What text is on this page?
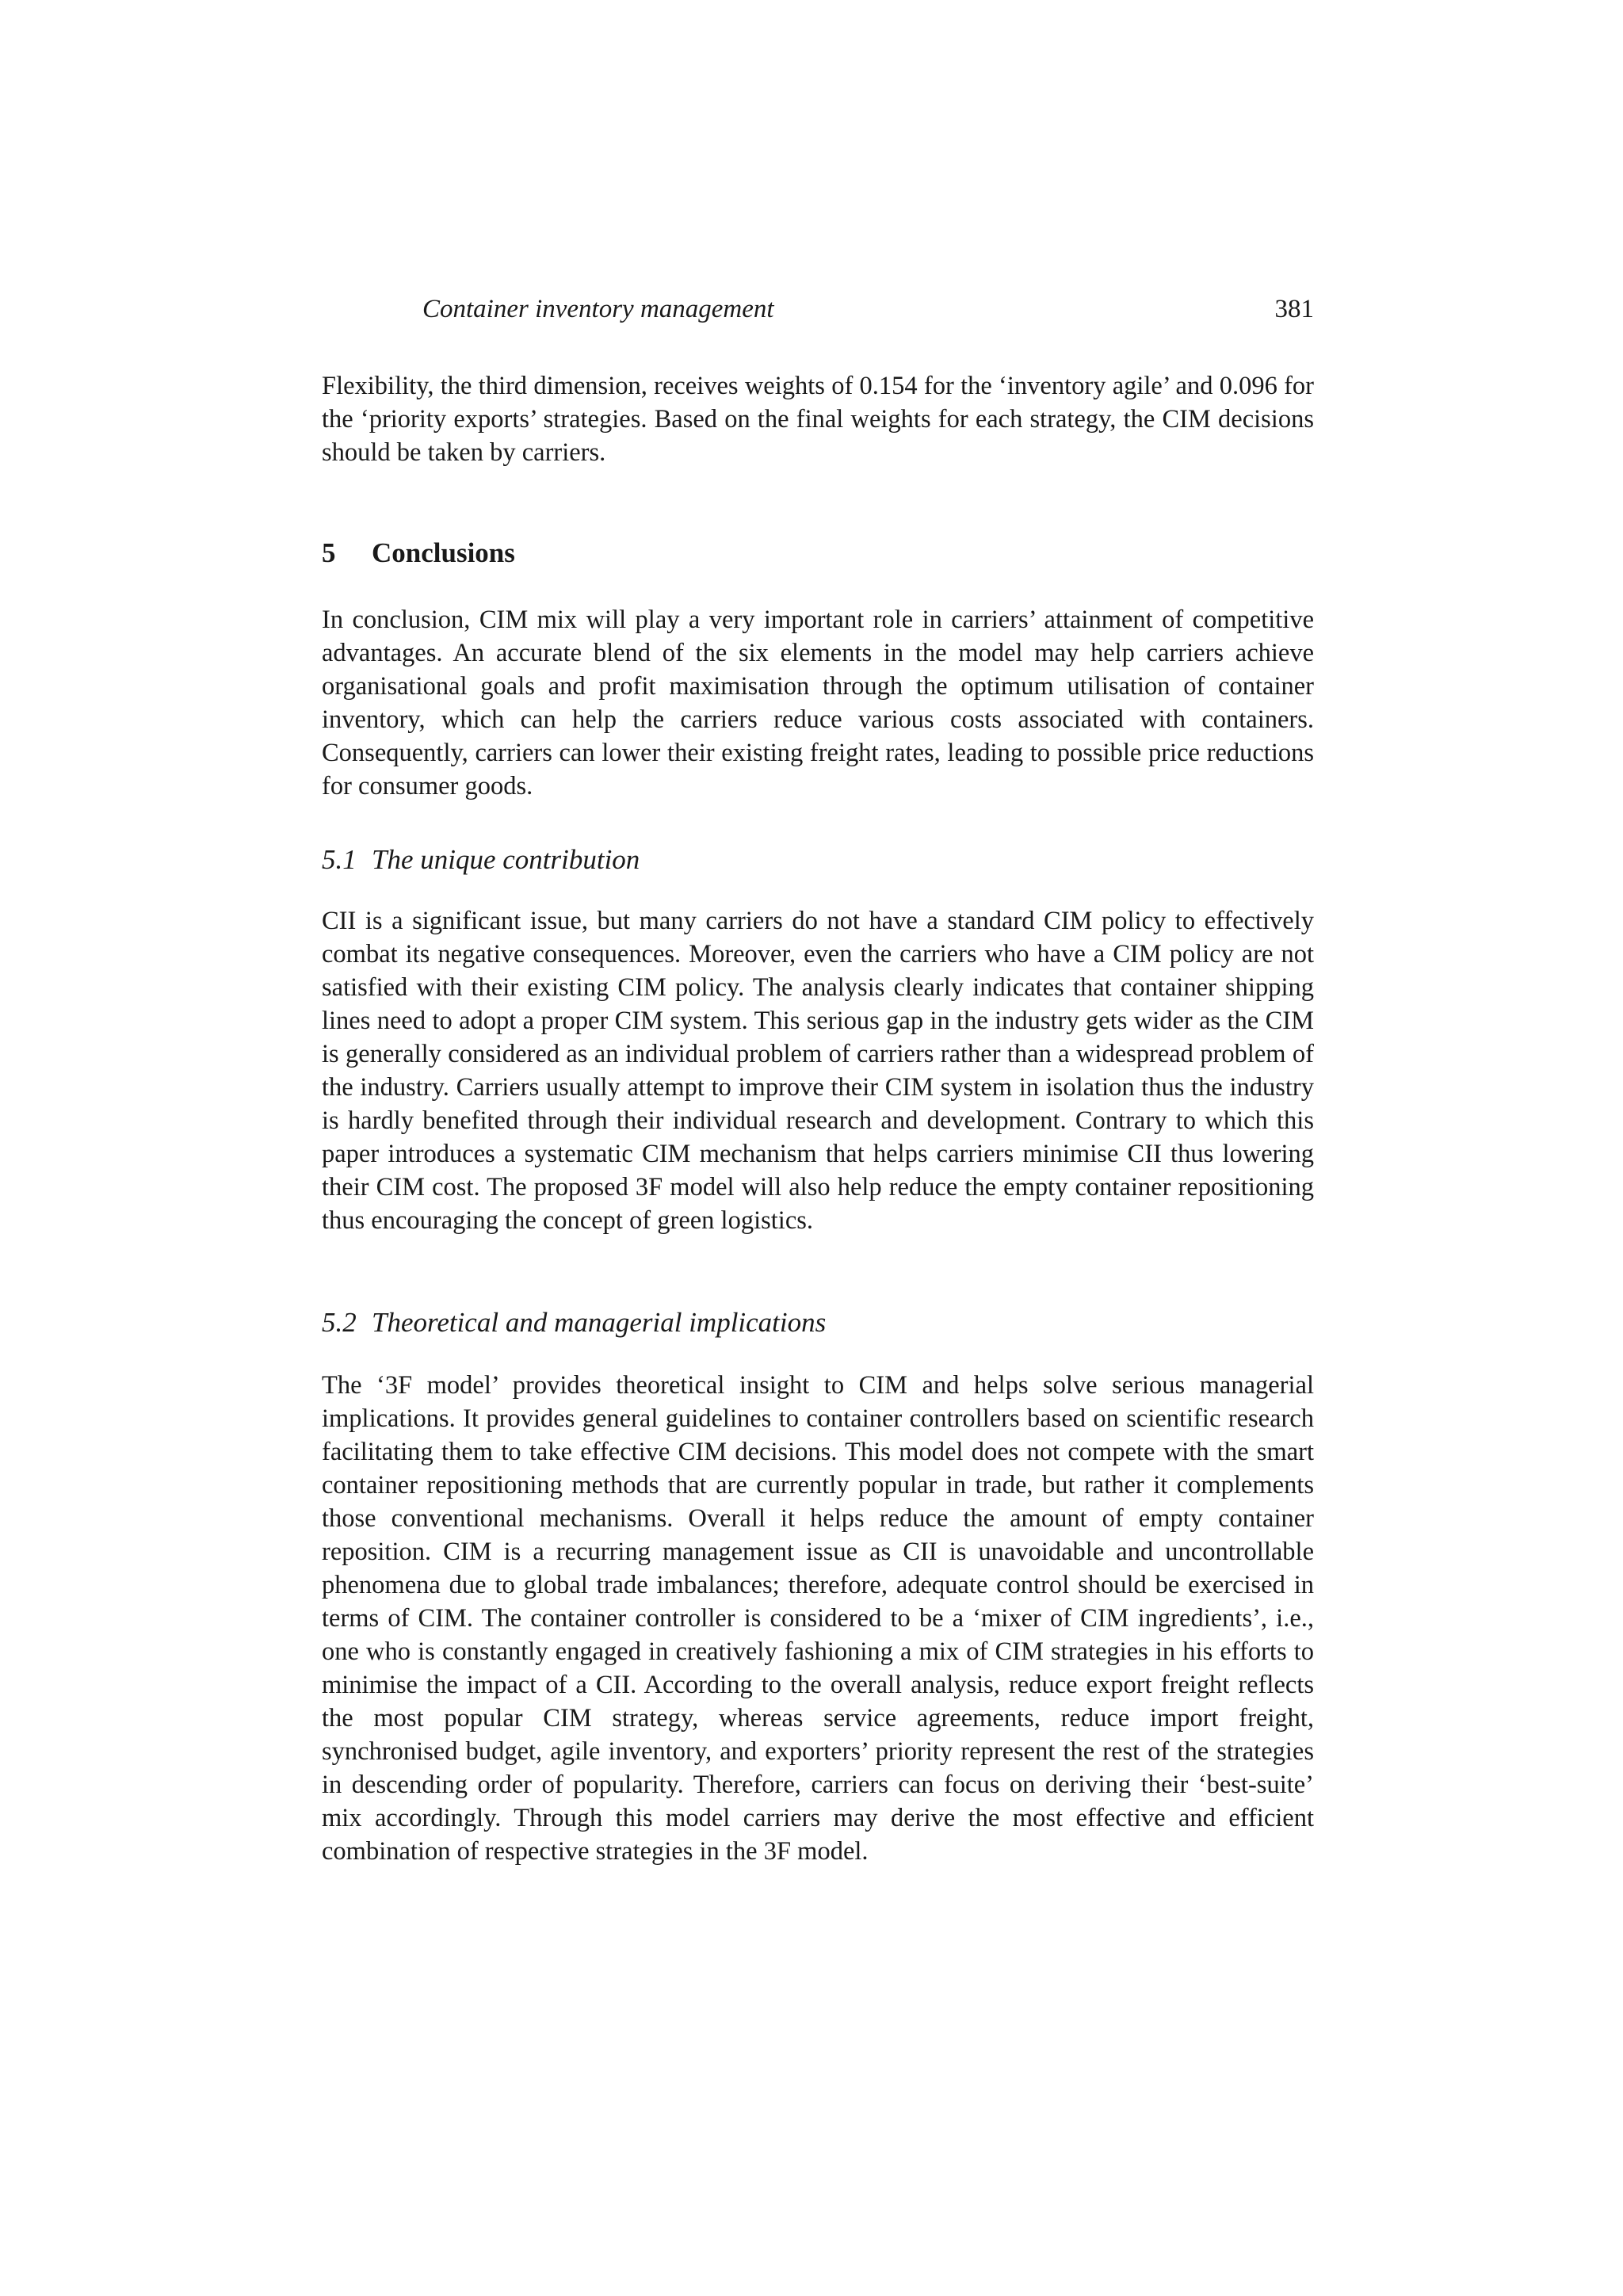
Container inventory management	381

Flexibility, the third dimension, receives weights of 0.154 for the ‘inventory agile’ and 0.096 for the ‘priority exports’ strategies. Based on the final weights for each strategy, the CIM decisions should be taken by carriers.

5 Conclusions

In conclusion, CIM mix will play a very important role in carriers’ attainment of competitive advantages. An accurate blend of the six elements in the model may help carriers achieve organisational goals and profit maximisation through the optimum utilisation of container inventory, which can help the carriers reduce various costs associated with containers. Consequently, carriers can lower their existing freight rates, leading to possible price reductions for consumer goods.

5.1 The unique contribution

CII is a significant issue, but many carriers do not have a standard CIM policy to effectively combat its negative consequences. Moreover, even the carriers who have a CIM policy are not satisfied with their existing CIM policy. The analysis clearly indicates that container shipping lines need to adopt a proper CIM system. This serious gap in the industry gets wider as the CIM is generally considered as an individual problem of carriers rather than a widespread problem of the industry. Carriers usually attempt to improve their CIM system in isolation thus the industry is hardly benefited through their individual research and development. Contrary to which this paper introduces a systematic CIM mechanism that helps carriers minimise CII thus lowering their CIM cost. The proposed 3F model will also help reduce the empty container repositioning thus encouraging the concept of green logistics.

5.2 Theoretical and managerial implications

The ‘3F model’ provides theoretical insight to CIM and helps solve serious managerial implications. It provides general guidelines to container controllers based on scientific research facilitating them to take effective CIM decisions. This model does not compete with the smart container repositioning methods that are currently popular in trade, but rather it complements those conventional mechanisms. Overall it helps reduce the amount of empty container reposition. CIM is a recurring management issue as CII is unavoidable and uncontrollable phenomena due to global trade imbalances; therefore, adequate control should be exercised in terms of CIM. The container controller is considered to be a ‘mixer of CIM ingredients’, i.e., one who is constantly engaged in creatively fashioning a mix of CIM strategies in his efforts to minimise the impact of a CII. According to the overall analysis, reduce export freight reflects the most popular CIM strategy, whereas service agreements, reduce import freight, synchronised budget, agile inventory, and exporters’ priority represent the rest of the strategies in descending order of popularity. Therefore, carriers can focus on deriving their ‘best-suite’ mix accordingly. Through this model carriers may derive the most effective and efficient combination of respective strategies in the 3F model.
